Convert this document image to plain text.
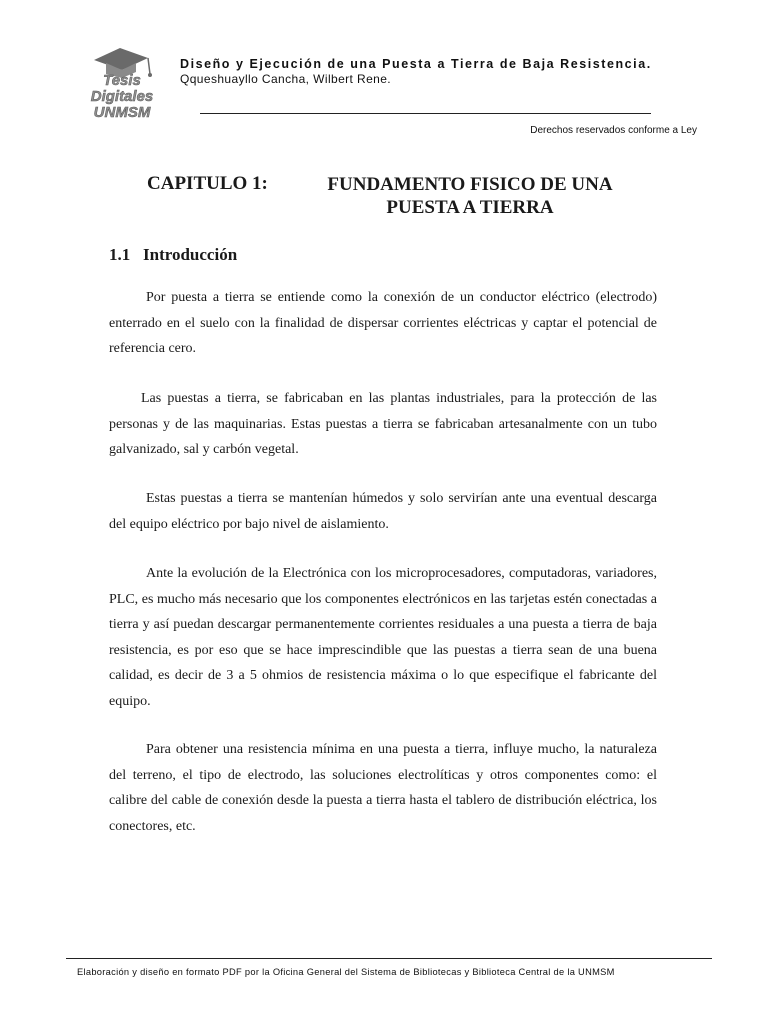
Tesis
Digitales
UNMSM
Diseño y Ejecución de una Puesta a Tierra de Baja Resistencia.
Qqueshuayllo Cancha, Wilbert Rene.
Derechos reservados conforme a Ley
CAPITULO 1:	FUNDAMENTO FISICO DE UNA
PUESTA A TIERRA
1.1   Introducción

Por puesta a tierra se entiende como la conexión de un conductor eléctrico (electrodo) enterrado en el suelo con la finalidad de dispersar corrientes eléctricas y captar el potencial de referencia cero.

Las puestas a tierra, se fabricaban en las plantas industriales, para la protección de las personas y de las maquinarias. Estas puestas a tierra se fabricaban artesanalmente con un tubo galvanizado, sal y carbón vegetal.

Estas puestas a tierra se mantenían húmedos y solo servirían ante una eventual descarga del equipo eléctrico por bajo nivel de aislamiento.

Ante la evolución de la Electrónica con los microprocesadores, computadoras, variadores, PLC, es mucho más necesario que los componentes electrónicos en las tarjetas estén conectadas a tierra y así puedan descargar permanentemente corrientes residuales a una puesta a tierra de baja resistencia, es por eso que se hace imprescindible que las puestas a tierra sean de una buena calidad, es decir de 3 a 5 ohmios de resistencia máxima o lo que especifique el fabricante del equipo.

Para obtener una resistencia mínima en una puesta a tierra, influye mucho, la naturaleza del terreno, el tipo de electrodo, las soluciones electrolíticas y otros componentes como: el calibre del cable de conexión desde la puesta a tierra hasta el tablero de distribución eléctrica, los conectores, etc.

Elaboración y diseño en formato PDF por la Oficina General del Sistema de Bibliotecas y Biblioteca Central de la UNMSM
